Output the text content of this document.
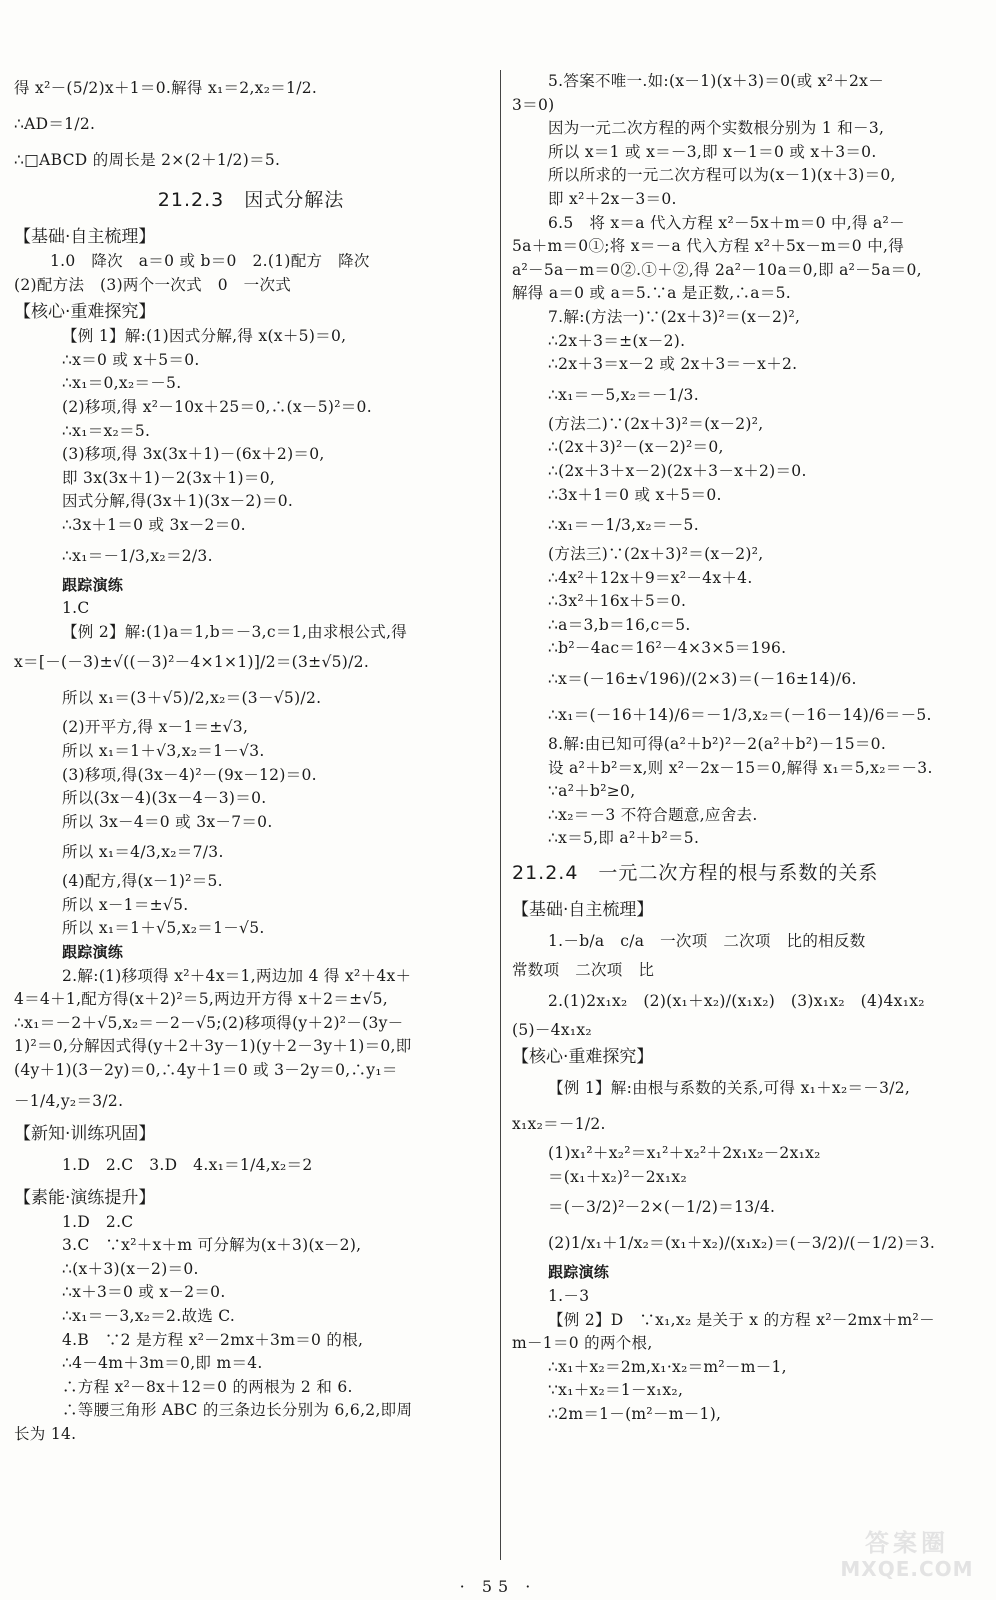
得 x²－(5/2)x＋1＝0.解得 x₁＝2,x₂＝1/2.
∴AD＝1/2.
∴□ABCD 的周长是 2×(2＋1/2)＝5.
21.2.3　因式分解法
【基础·自主梳理】
1.0　降次　a＝0 或 b＝0　2.(1)配方　降次
(2)配方法　(3)两个一次式　0　一次式
【核心·重难探究】
【例 1】解:(1)因式分解,得 x(x＋5)＝0,
∴x＝0 或 x＋5＝0.
∴x₁＝0,x₂＝－5.
(2)移项,得 x²－10x＋25＝0,∴(x－5)²＝0.
∴x₁＝x₂＝5.
(3)移项,得 3x(3x＋1)－(6x＋2)＝0,
即 3x(3x＋1)－2(3x＋1)＝0,
因式分解,得(3x＋1)(3x－2)＝0.
∴3x＋1＝0 或 3x－2＝0.
∴x₁＝－1/3,x₂＝2/3.
跟踪演练
1.C
【例 2】解:(1)a＝1,b＝－3,c＝1,由求根公式,得
x＝[－(－3)±√((－3)²－4×1×1)]/2＝(3±√5)/2.
所以 x₁＝(3＋√5)/2,x₂＝(3－√5)/2.
(2)开平方,得 x－1＝±√3,
所以 x₁＝1＋√3,x₂＝1－√3.
(3)移项,得(3x－4)²－(9x－12)＝0.
所以(3x－4)(3x－4－3)＝0.
所以 3x－4＝0 或 3x－7＝0.
所以 x₁＝4/3,x₂＝7/3.
(4)配方,得(x－1)²＝5.
所以 x－1＝±√5.
所以 x₁＝1＋√5,x₂＝1－√5.
跟踪演练
2.解:(1)移项得 x²＋4x＝1,两边加 4 得 x²＋4x＋
4＝4＋1,配方得(x＋2)²＝5,两边开方得 x＋2＝±√5,
∴x₁＝－2＋√5,x₂＝－2－√5;(2)移项得(y＋2)²－(3y－
1)²＝0,分解因式得(y＋2＋3y－1)(y＋2－3y＋1)＝0,即
(4y＋1)(3－2y)＝0,∴4y＋1＝0 或 3－2y＝0,∴y₁＝
－1/4,y₂＝3/2.
【新知·训练巩固】
1.D　2.C　3.D　4.x₁＝1/4,x₂＝2
【素能·演练提升】
1.D　2.C
3.C　∵x²＋x＋m 可分解为(x＋3)(x－2),
∴(x＋3)(x－2)＝0.
∴x＋3＝0 或 x－2＝0.
∴x₁＝－3,x₂＝2.故选 C.
4.B　∵2 是方程 x²－2mx＋3m＝0 的根,
∴4－4m＋3m＝0,即 m＝4.
∴方程 x²－8x＋12＝0 的两根为 2 和 6.
∴等腰三角形 ABC 的三条边长分别为 6,6,2,即周
长为 14.
5.答案不唯一.如:(x－1)(x＋3)＝0(或 x²＋2x－
3＝0)
因为一元二次方程的两个实数根分别为 1 和－3,
所以 x＝1 或 x＝－3,即 x－1＝0 或 x＋3＝0.
所以所求的一元二次方程可以为(x－1)(x＋3)＝0,
即 x²＋2x－3＝0.
6.5　将 x＝a 代入方程 x²－5x＋m＝0 中,得 a²－
5a＋m＝0①;将 x＝－a 代入方程 x²＋5x－m＝0 中,得
a²－5a－m＝0②.①＋②,得 2a²－10a＝0,即 a²－5a＝0,
解得 a＝0 或 a＝5.∵a 是正数,∴a＝5.
7.解:(方法一)∵(2x＋3)²＝(x－2)²,
∴2x＋3＝±(x－2).
∴2x＋3＝x－2 或 2x＋3＝－x＋2.
∴x₁＝－5,x₂＝－1/3.
(方法二)∵(2x＋3)²＝(x－2)²,
∴(2x＋3)²－(x－2)²＝0,
∴(2x＋3＋x－2)(2x＋3－x＋2)＝0.
∴3x＋1＝0 或 x＋5＝0.
∴x₁＝－1/3,x₂＝－5.
(方法三)∵(2x＋3)²＝(x－2)²,
∴4x²＋12x＋9＝x²－4x＋4.
∴3x²＋16x＋5＝0.
∴a＝3,b＝16,c＝5.
∴b²－4ac＝16²－4×3×5＝196.
∴x＝(－16±√196)/(2×3)＝(－16±14)/6.
∴x₁＝(－16＋14)/6＝－1/3,x₂＝(－16－14)/6＝－5.
8.解:由已知可得(a²＋b²)²－2(a²＋b²)－15＝0.
设 a²＋b²＝x,则 x²－2x－15＝0,解得 x₁＝5,x₂＝－3.
∵a²＋b²≥0,
∴x₂＝－3 不符合题意,应舍去.
∴x＝5,即 a²＋b²＝5.
21.2.4　一元二次方程的根与系数的关系
【基础·自主梳理】
1.－b/a　c/a　一次项　二次项　比的相反数
常数项　二次项　比
2.(1)2x₁x₂　(2)(x₁＋x₂)/(x₁x₂)　(3)x₁x₂　(4)4x₁x₂
(5)－4x₁x₂
【核心·重难探究】
【例 1】解:由根与系数的关系,可得 x₁＋x₂＝－3/2,
x₁x₂＝－1/2.
(1)x₁²＋x₂²＝x₁²＋x₂²＋2x₁x₂－2x₁x₂
＝(x₁＋x₂)²－2x₁x₂
＝(－3/2)²－2×(－1/2)＝13/4.
(2)1/x₁＋1/x₂＝(x₁＋x₂)/(x₁x₂)＝(－3/2)/(－1/2)＝3.
跟踪演练
1.－3
【例 2】D　∵x₁,x₂ 是关于 x 的方程 x²－2mx＋m²－
m－1＝0 的两个根,
∴x₁＋x₂＝2m,x₁·x₂＝m²－m－1,
∵x₁＋x₂＝1－x₁x₂,
∴2m＝1－(m²－m－1),
· 55 ·
答案圈
MXQE.COM
